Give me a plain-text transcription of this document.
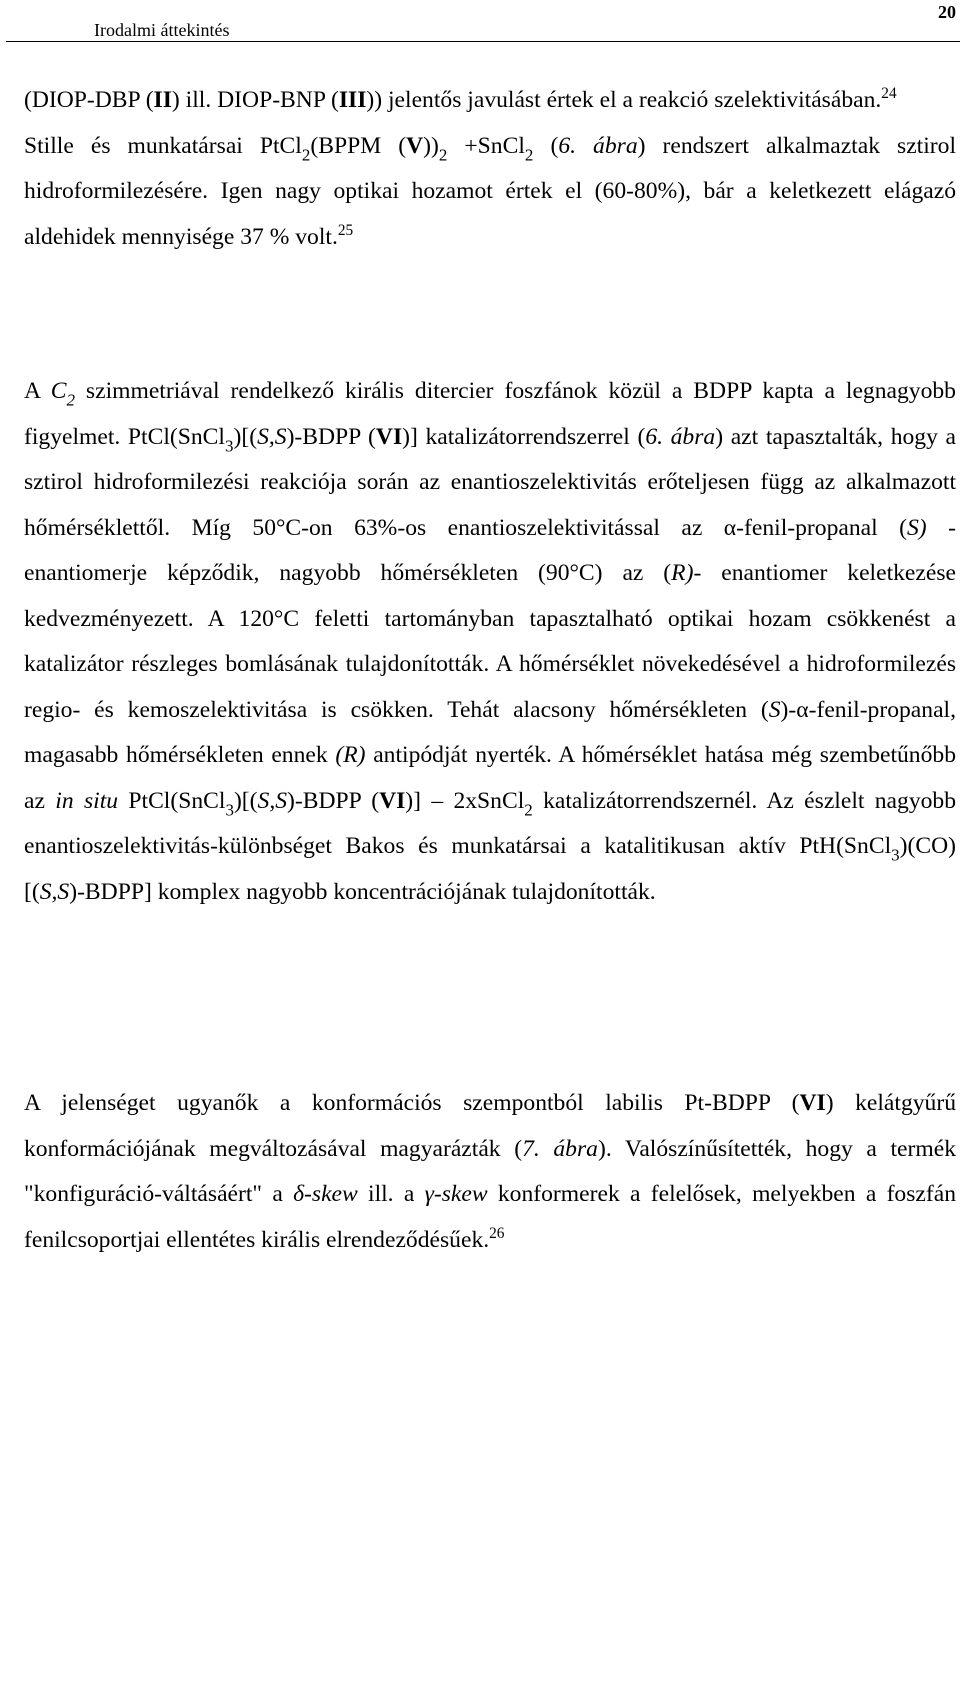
Irodalmi áttekintés
20

(DIOP-DBP (II) ill. DIOP-BNP (III)) jelentős javulást értek el a reakció szelektivitásában.$^{24}$
Stille és munkatársai PtCl$_2$(BPPM $(V))_2$ +SnCl$_2$ (6. ábra) rendszert alkalmaztak sztirol hidroformilezésére. Igen nagy optikai hozamot értek el (60-80%), bár a keletkezett elágazó aldehidek mennyisége 37 % volt.$^{25}$

A $C_2$ szimmetriával rendelkező királis ditercier foszfánok közül a BDPP kapta a legnagyobb figyelmet. PtCl(SnCl$_3$)[(S,S)-BDPP (VI)] katalizátorrendszerrel (6. ábra) azt tapasztalták, hogy a sztirol hidroformilezési reakciója során az enantioszelektivitás erőteljesen függ az alkalmazott hőmérséklettől. Míg 50°C-on 63%-os enantioszelektivitással az α-fenil-propanal (S) - enantiomerje képződik, nagyobb hőmérsékleten (90°C) az (R)- enantiomer keletkezése kedvezményezett. A 120°C feletti tartományban tapasztalható optikai hozam csökkenést a katalizátor részleges bomlásának tulajdonították. A hőmérséklet növekedésével a hidroformilezés regio- és kemoszelektivitása is csökken. Tehát alacsony hőmérsékleten (S)-α-fenil-propanal, magasabb hőmérsékleten ennek (R) antipódját nyerték. A hőmérséklet hatása még szembetűnőbb az in situ PtCl(SnCl$_3$)[(S,S)-BDPP (VI)] – 2xSnCl$_2$ katalizátorrendszernél. Az észlelt nagyobb enantioszelektivitás-különbséget Bakos és munkatársai a katalitikusan aktív PtH(SnCl$_3$)(CO)[(S,S)-BDPP] komplex nagyobb koncentrációjának tulajdonították.

A jelenséget ugyanők a konformációs szempontból labilis Pt-BDPP (VI) kelátgyűrű konformációjának megváltozásával magyarázták (7. ábra). Valószínűsítették, hogy a termék "konfiguráció-váltásáért" a δ-skew ill. a γ-skew konformerek a felelősek, melyekben a foszfán fenilcsoportjai ellentétes királis elrendeződésűek.$^{26}$
